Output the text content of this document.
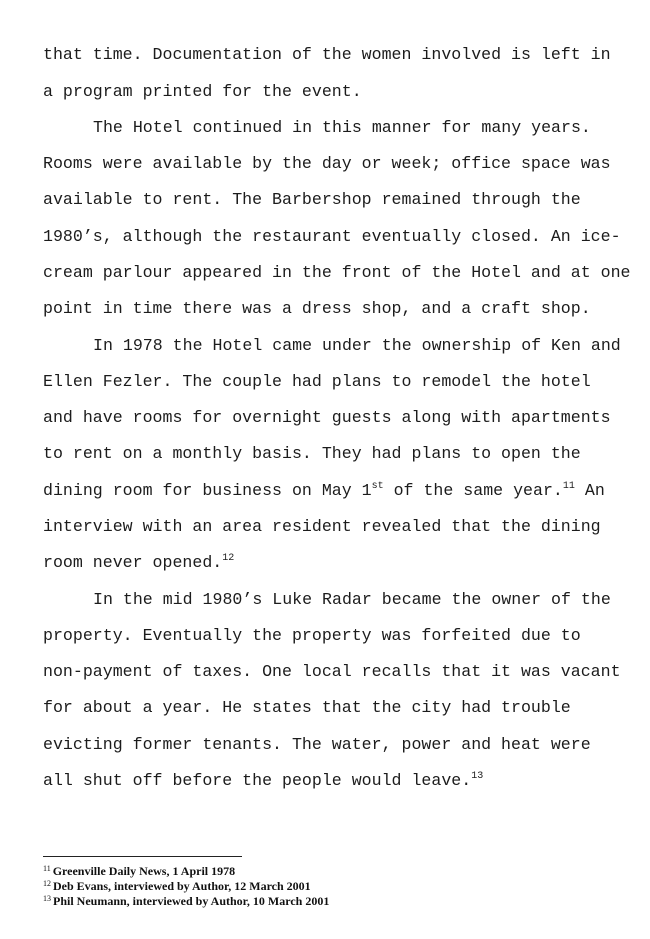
that time. Documentation of the women involved is left in
a program printed for the event.
The Hotel continued in this manner for many years.
Rooms were available by the day or week; office space was
available to rent. The Barbershop remained through the
1980’s, although the restaurant eventually closed. An ice-
cream parlour appeared in the front of the Hotel and at one
point in time there was a dress shop, and a craft shop.
In 1978 the Hotel came under the ownership of Ken and
Ellen Fezler. The couple had plans to remodel the hotel
and have rooms for overnight guests along with apartments
to rent on a monthly basis. They had plans to open the
dining room for business on May 1st of the same year.$^{11}$ An
interview with an area resident revealed that the dining
room never opened.$^{12}$
In the mid 1980’s Luke Radar became the owner of the
property. Eventually the property was forfeited due to
non-payment of taxes. One local recalls that it was vacant
for about a year. He states that the city had trouble
evicting former tenants. The water, power and heat were
all shut off before the people would leave.$^{13}$
$^{11}$ Greenville Daily News, 1 April 1978
$^{12}$ Deb Evans, interviewed by Author, 12 March 2001
$^{13}$ Phil Neumann, interviewed by Author, 10 March 2001
